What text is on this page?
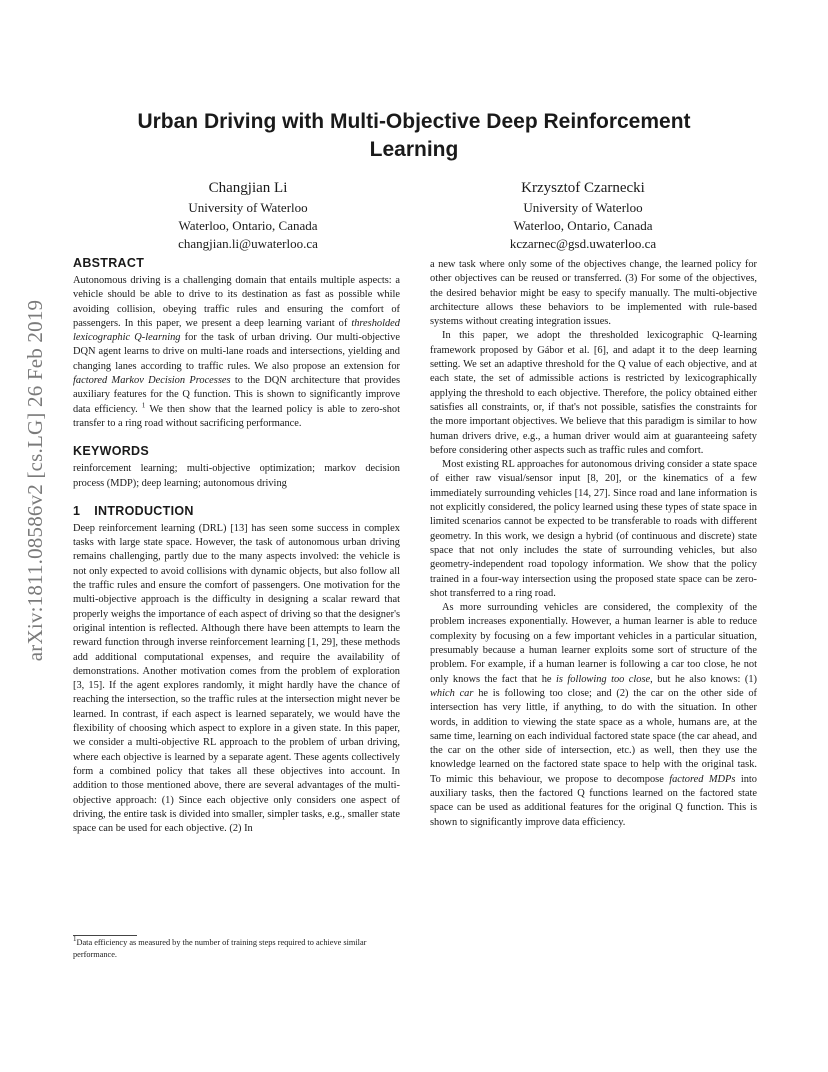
arXiv:1811.08586v2 [cs.LG] 26 Feb 2019
Urban Driving with Multi-Objective Deep Reinforcement Learning
Changjian Li
University of Waterloo
Waterloo, Ontario, Canada
changjian.li@uwaterloo.ca
Krzysztof Czarnecki
University of Waterloo
Waterloo, Ontario, Canada
kczarnec@gsd.uwaterloo.ca
ABSTRACT

Autonomous driving is a challenging domain that entails multiple aspects: a vehicle should be able to drive to its destination as fast as possible while avoiding collision, obeying traffic rules and ensuring the comfort of passengers. In this paper, we present a deep learning variant of thresholded lexicographic Q-learning for the task of urban driving. Our multi-objective DQN agent learns to drive on multi-lane roads and intersections, yielding and changing lanes according to traffic rules. We also propose an extension for factored Markov Decision Processes to the DQN architecture that provides auxiliary features for the Q function. This is shown to significantly improve data efficiency. $^1$ We then show that the learned policy is able to zero-shot transfer to a ring road without sacrificing performance.

KEYWORDS

reinforcement learning; multi-objective optimization; markov decision process (MDP); deep learning; autonomous driving

1 INTRODUCTION

Deep reinforcement learning (DRL) [13] has seen some success in complex tasks with large state space. However, the task of autonomous urban driving remains challenging, partly due to the many aspects involved: the vehicle is not only expected to avoid collisions with dynamic objects, but also follow all the traffic rules and ensure the comfort of passengers. One motivation for the multi-objective approach is the difficulty in designing a scalar reward that properly weighs the importance of each aspect of driving so that the designer's original intention is reflected. Although there have been attempts to learn the reward function through inverse reinforcement learning [1, 29], these methods add additional computational expenses, and require the availability of demonstrations. Another motivation comes from the problem of exploration [3, 15]. If the agent explores randomly, it might hardly have the chance of reaching the intersection, so the traffic rules at the intersection might never be learned. In contrast, if each aspect is learned separately, we would have the flexibility of choosing which aspect to explore in a given state. In this paper, we consider a multi-objective RL approach to the problem of urban driving, where each objective is learned by a separate agent. These agents collectively form a combined policy that takes all these objectives into account. In addition to those mentioned above, there are several advantages of the multi-objective approach: (1) Since each objective only considers one aspect of driving, the entire task is divided into smaller, simpler tasks, e.g., smaller state space can be used for each objective. (2) In

$^1$Data efficiency as measured by the number of training steps required to achieve similar performance.

a new task where only some of the objectives change, the learned policy for other objectives can be reused or transferred. (3) For some of the objectives, the desired behavior might be easy to specify manually. The multi-objective architecture allows these behaviors to be implemented with rule-based systems without creating integration issues.

In this paper, we adopt the thresholded lexicographic Q-learning framework proposed by Gábor et al. [6], and adapt it to the deep learning setting. We set an adaptive threshold for the Q value of each objective, and at each state, the set of admissible actions is restricted by lexicographically applying the threshold to each objective. Therefore, the policy obtained either satisfies all constraints, or, if that's not possible, satisfies the constraints for the more important objectives. We believe that this paradigm is similar to how human drivers drive, e.g., a human driver would aim at guaranteeing safety before considering other aspects such as traffic rules and comfort.

Most existing RL approaches for autonomous driving consider a state space of either raw visual/sensor input [8, 20], or the kinematics of a few immediately surrounding vehicles [14, 27]. Since road and lane information is not explicitly considered, the policy learned using these types of state space in limited scenarios cannot be expected to be transferable to roads with different geometry. In this work, we design a hybrid (of continuous and discrete) state space that not only includes the state of surrounding vehicles, but also geometry-independent road topology information. We show that the policy trained in a four-way intersection using the proposed state space can be zero-shot transferred to a ring road.

As more surrounding vehicles are considered, the complexity of the problem increases exponentially. However, a human learner is able to reduce complexity by focusing on a few important vehicles in a particular situation, presumably because a human learner exploits some sort of structure of the problem. For example, if a human learner is following a car too close, he not only knows the fact that he is following too close, but he also knows: (1) which car he is following too close; and (2) the car on the other side of intersection has very little, if anything, to do with the situation. In other words, in addition to viewing the state space as a whole, humans are, at the same time, learning on each individual factored state space (the car ahead, and the car on the other side of intersection, etc.) as well, then they use the knowledge learned on the factored state space to help with the original task. To mimic this behaviour, we propose to decompose factored MDPs into auxiliary tasks, then the factored Q functions learned on the factored state space can be used as additional features for the original Q function. This is shown to significantly improve data efficiency.
